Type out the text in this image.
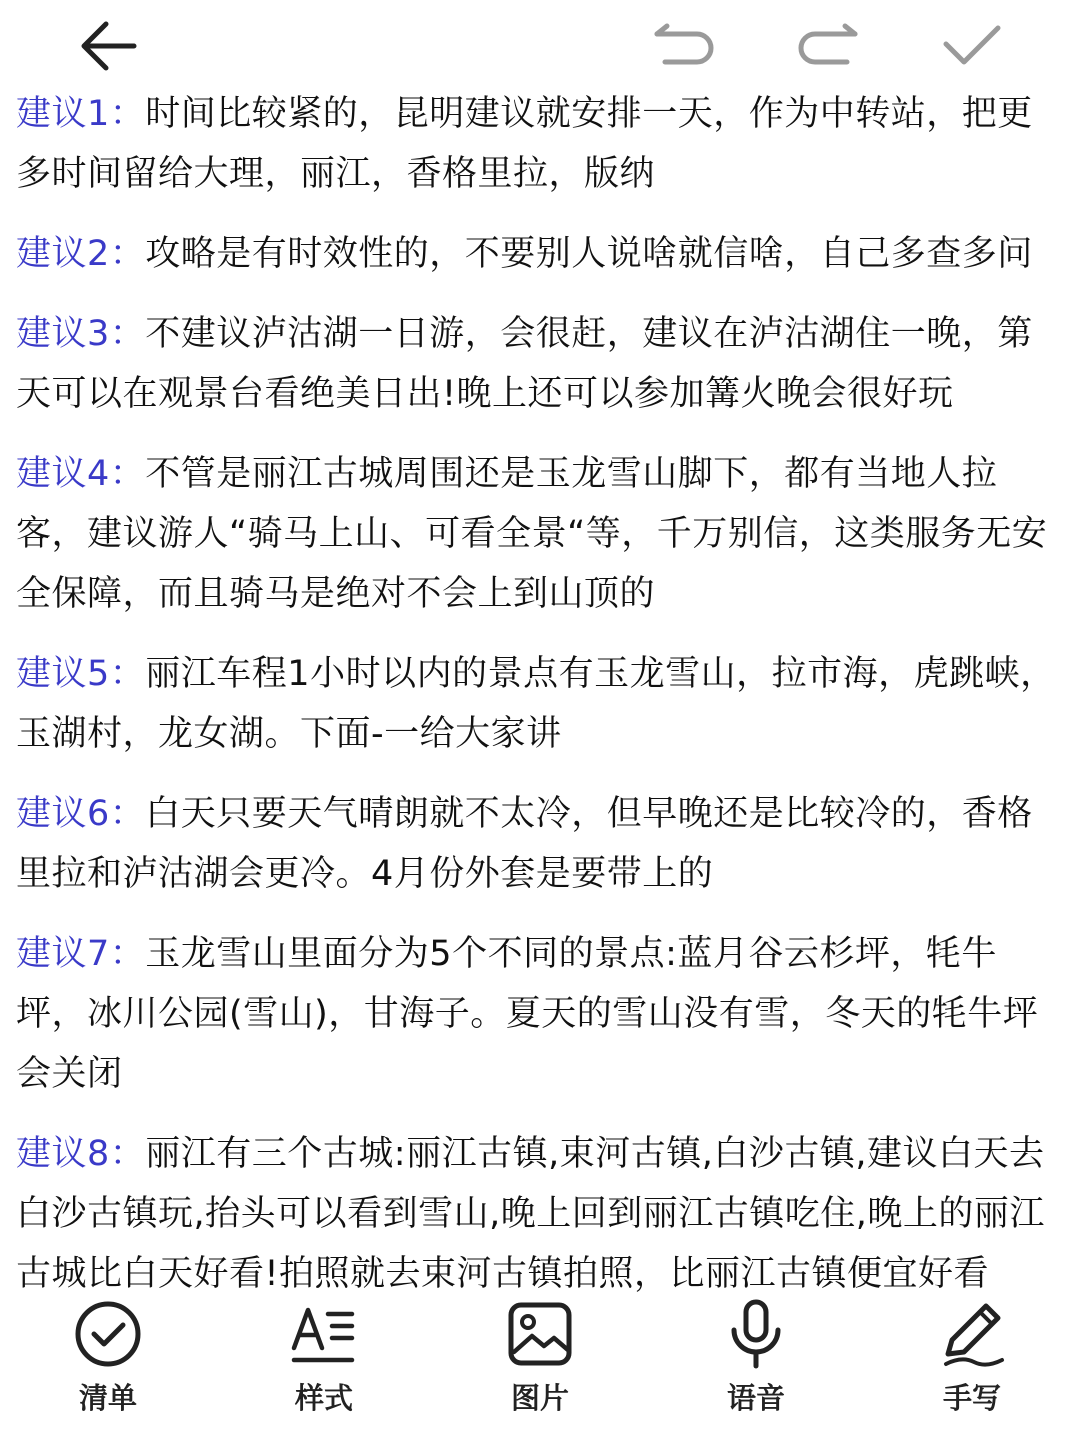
建议1：时间比较紧的，昆明建议就安排一天，作为中转站，把更多时间留给大理，丽江，香格里拉，版纳

建议2：攻略是有时效性的，不要别人说啥就信啥，自己多查多问

建议3：不建议泸沽湖一日游，会很赶，建议在泸沽湖住一晚，第天可以在观景台看绝美日出!晚上还可以参加篝火晚会很好玩

建议4：不管是丽江古城周围还是玉龙雪山脚下，都有当地人拉客，建议游人“骑马上山、可看全景“等，千万别信，这类服务无安全保障，而且骑马是绝对不会上到山顶的

建议5：丽江车程1小时以内的景点有玉龙雪山，拉市海，虎跳峡，玉湖村，龙女湖。下面-一给大家讲

建议6：白天只要天气晴朗就不太冷，但早晚还是比较冷的，香格里拉和泸沽湖会更冷。4月份外套是要带上的

建议7：玉龙雪山里面分为5个不同的景点:蓝月谷云杉坪，牦牛坪，冰川公园(雪山)，甘海子。夏天的雪山没有雪，冬天的牦牛坪会关闭

建议8：丽江有三个古城:丽江古镇,束河古镇,白沙古镇,建议白天去白沙古镇玩,抬头可以看到雪山,晚上回到丽江古镇吃住,晚上的丽江古城比白天好看!拍照就去束河古镇拍照，比丽江古镇便宜好看

清单	样式	图片	语音	手写
